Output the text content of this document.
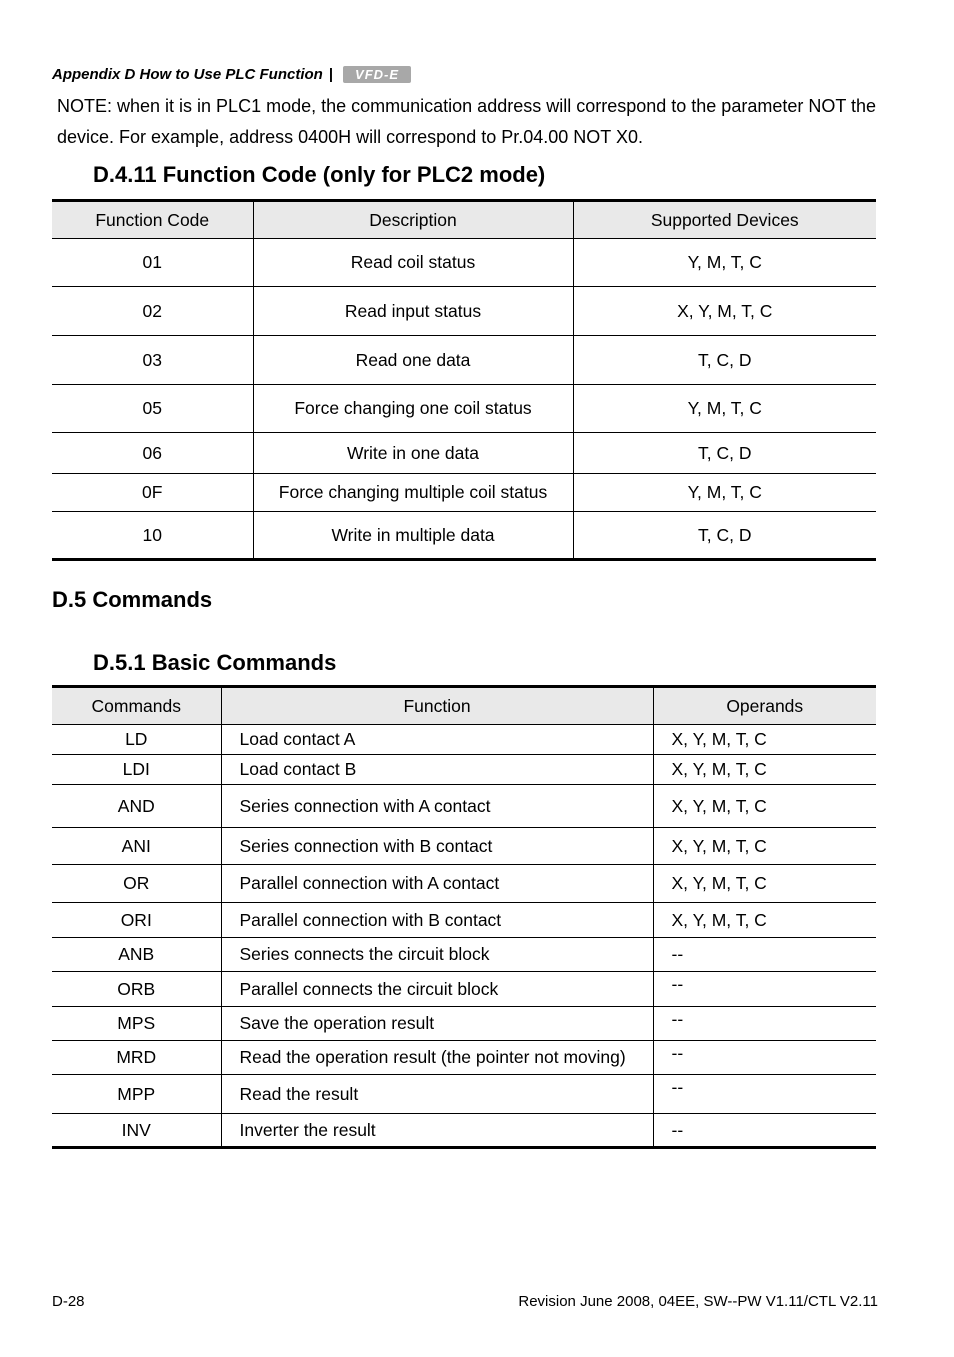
Appendix D How to Use PLC Function |	VFD-E
NOTE: when it is in PLC1 mode, the communication address will correspond to the parameter NOT the device. For example, address 0400H will correspond to Pr.04.00 NOT X0.
D.4.11 Function Code (only for PLC2 mode)
Function Code	Description	Supported Devices
01	Read coil status	Y, M, T, C
02	Read input status	X, Y, M, T, C
03	Read one data	T, C, D
05	Force changing one coil status	Y, M, T, C
06	Write in one data	T, C, D
0F	Force changing multiple coil status	Y, M, T, C
10	Write in multiple data	T, C, D
D.5 Commands
D.5.1 Basic Commands
Commands	Function	Operands
LD	Load contact A	X, Y, M, T, C
LDI	Load contact B	X, Y, M, T, C
AND	Series connection with A contact	X, Y, M, T, C
ANI	Series connection with B contact	X, Y, M, T, C
OR	Parallel connection with A contact	X, Y, M, T, C
ORI	Parallel connection with B contact	X, Y, M, T, C
ANB	Series connects the circuit block	--
ORB	Parallel connects the circuit block	--
MPS	Save the operation result	--
MRD	Read the operation result (the pointer not moving)	--
MPP	Read the result	--
INV	Inverter the result	--
D-28	Revision June 2008, 04EE, SW--PW V1.11/CTL V2.11
